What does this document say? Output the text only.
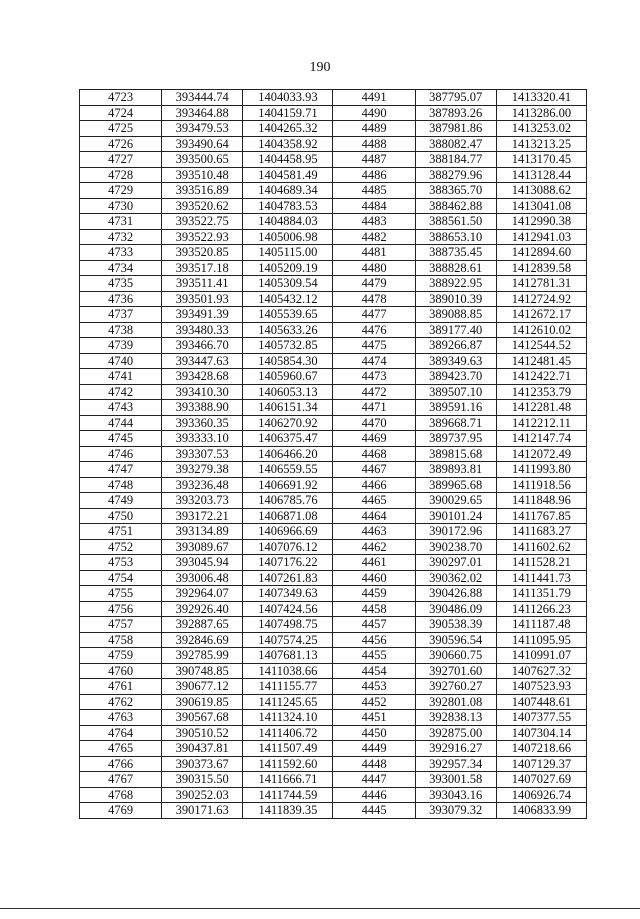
190
4723	393444.74	1404033.93	4491	387795.07	1413320.41
4724	393464.88	1404159.71	4490	387893.26	1413286.00
4725	393479.53	1404265.32	4489	387981.86	1413253.02
4726	393490.64	1404358.92	4488	388082.47	1413213.25
4727	393500.65	1404458.95	4487	388184.77	1413170.45
4728	393510.48	1404581.49	4486	388279.96	1413128.44
4729	393516.89	1404689.34	4485	388365.70	1413088.62
4730	393520.62	1404783.53	4484	388462.88	1413041.08
4731	393522.75	1404884.03	4483	388561.50	1412990.38
4732	393522.93	1405006.98	4482	388653.10	1412941.03
4733	393520.85	1405115.00	4481	388735.45	1412894.60
4734	393517.18	1405209.19	4480	388828.61	1412839.58
4735	393511.41	1405309.54	4479	388922.95	1412781.31
4736	393501.93	1405432.12	4478	389010.39	1412724.92
4737	393491.39	1405539.65	4477	389088.85	1412672.17
4738	393480.33	1405633.26	4476	389177.40	1412610.02
4739	393466.70	1405732.85	4475	389266.87	1412544.52
4740	393447.63	1405854.30	4474	389349.63	1412481.45
4741	393428.68	1405960.67	4473	389423.70	1412422.71
4742	393410.30	1406053.13	4472	389507.10	1412353.79
4743	393388.90	1406151.34	4471	389591.16	1412281.48
4744	393360.35	1406270.92	4470	389668.71	1412212.11
4745	393333.10	1406375.47	4469	389737.95	1412147.74
4746	393307.53	1406466.20	4468	389815.68	1412072.49
4747	393279.38	1406559.55	4467	389893.81	1411993.80
4748	393236.48	1406691.92	4466	389965.68	1411918.56
4749	393203.73	1406785.76	4465	390029.65	1411848.96
4750	393172.21	1406871.08	4464	390101.24	1411767.85
4751	393134.89	1406966.69	4463	390172.96	1411683.27
4752	393089.67	1407076.12	4462	390238.70	1411602.62
4753	393045.94	1407176.22	4461	390297.01	1411528.21
4754	393006.48	1407261.83	4460	390362.02	1411441.73
4755	392964.07	1407349.63	4459	390426.88	1411351.79
4756	392926.40	1407424.56	4458	390486.09	1411266.23
4757	392887.65	1407498.75	4457	390538.39	1411187.48
4758	392846.69	1407574.25	4456	390596.54	1411095.95
4759	392785.99	1407681.13	4455	390660.75	1410991.07
4760	390748.85	1411038.66	4454	392701.60	1407627.32
4761	390677.12	1411155.77	4453	392760.27	1407523.93
4762	390619.85	1411245.65	4452	392801.08	1407448.61
4763	390567.68	1411324.10	4451	392838.13	1407377.55
4764	390510.52	1411406.72	4450	392875.00	1407304.14
4765	390437.81	1411507.49	4449	392916.27	1407218.66
4766	390373.67	1411592.60	4448	392957.34	1407129.37
4767	390315.50	1411666.71	4447	393001.58	1407027.69
4768	390252.03	1411744.59	4446	393043.16	1406926.74
4769	390171.63	1411839.35	4445	393079.32	1406833.99
